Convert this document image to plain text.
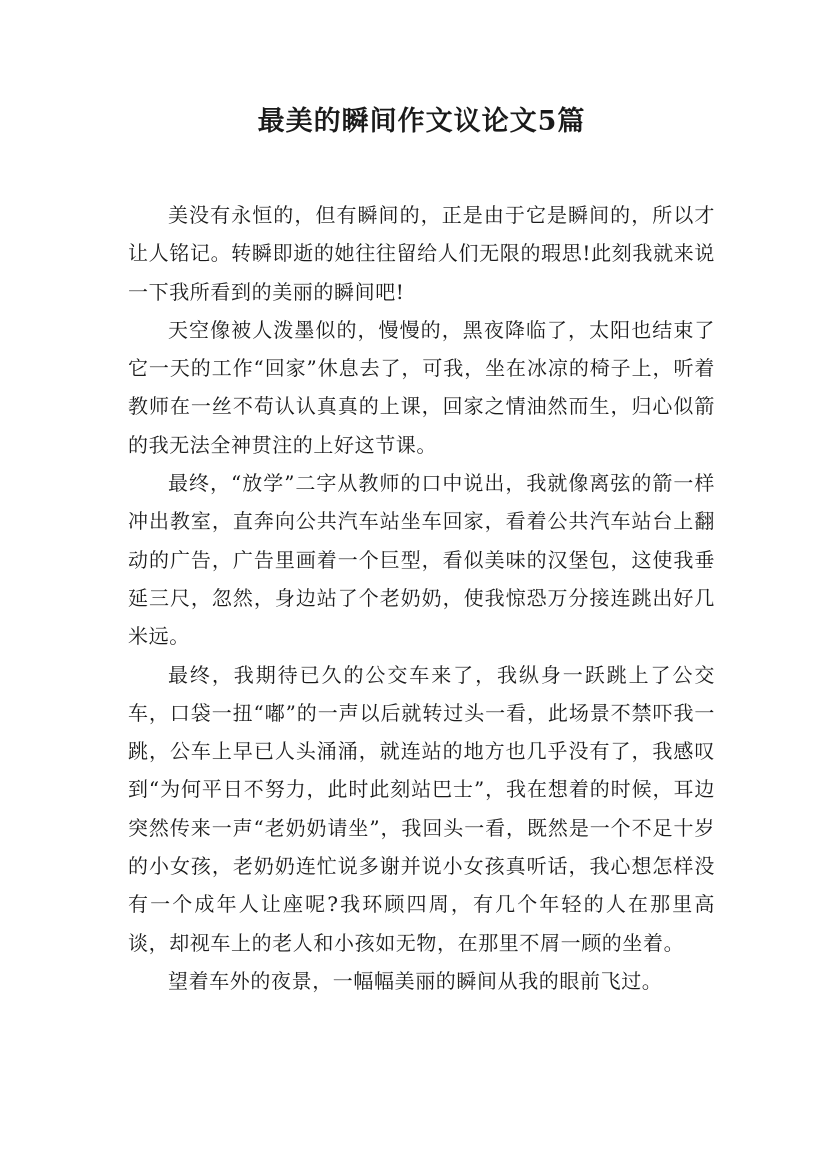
最美的瞬间作文议论文5篇

美没有永恒的，但有瞬间的，正是由于它是瞬间的，所以才让人铭记。转瞬即逝的她往往留给人们无限的瑕思!此刻我就来说一下我所看到的美丽的瞬间吧!

天空像被人泼墨似的，慢慢的，黑夜降临了，太阳也结束了它一天的工作“回家”休息去了，可我，坐在冰凉的椅子上，听着教师在一丝不苟认认真真的上课，回家之情油然而生，归心似箭的我无法全神贯注的上好这节课。

最终，“放学”二字从教师的口中说出，我就像离弦的箭一样冲出教室，直奔向公共汽车站坐车回家，看着公共汽车站台上翻动的广告，广告里画着一个巨型，看似美味的汉堡包，这使我垂延三尺，忽然，身边站了个老奶奶，使我惊恐万分接连跳出好几米远。

最终，我期待已久的公交车来了，我纵身一跃跳上了公交车，口袋一扭“嘟”的一声以后就转过头一看，此场景不禁吓我一跳，公车上早已人头涌涌，就连站的地方也几乎没有了，我感叹到“为何平日不努力，此时此刻站巴士”，我在想着的时候，耳边突然传来一声“老奶奶请坐”，我回头一看，既然是一个不足十岁的小女孩，老奶奶连忙说多谢并说小女孩真听话，我心想怎样没有一个成年人让座呢?我环顾四周，有几个年轻的人在那里高谈，却视车上的老人和小孩如无物，在那里不屑一顾的坐着。

望着车外的夜景，一幅幅美丽的瞬间从我的眼前飞过。
